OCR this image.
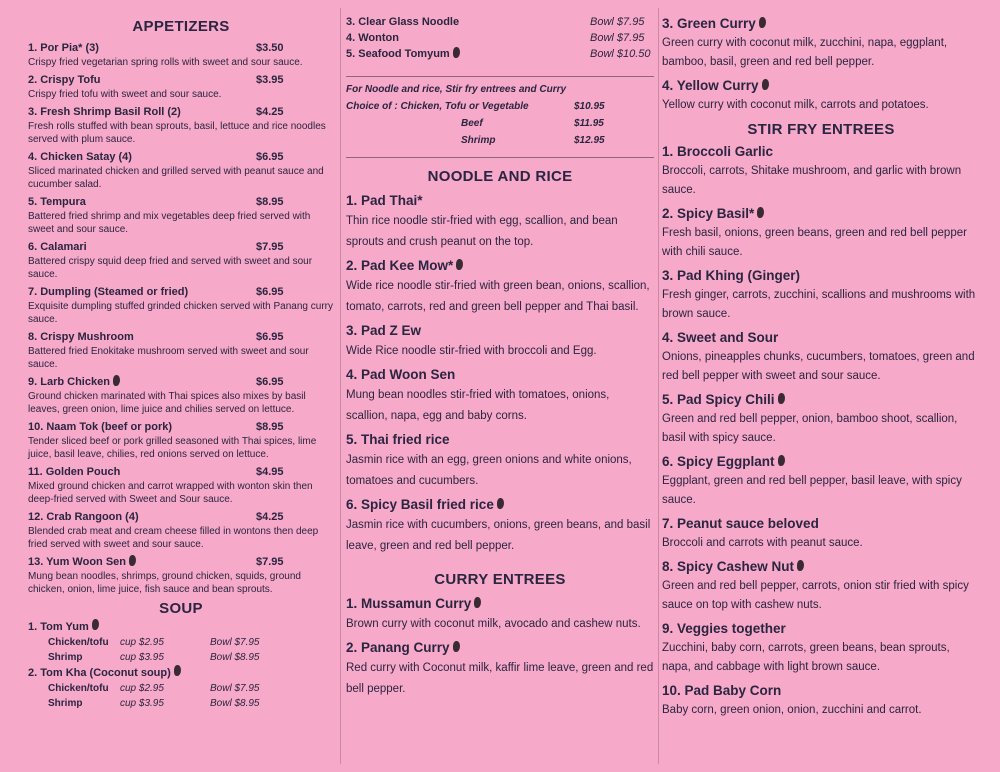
APPETIZERS
1. Por Pia* (3)	$3.50
Crispy fried vegetarian spring rolls with sweet and sour sauce.
2. Crispy Tofu	$3.95
Crispy fried tofu with sweet and sour sauce.
3. Fresh Shrimp Basil Roll (2)	$4.25
Fresh rolls stuffed with bean sprouts, basil, lettuce and rice noodles served with plum sauce.
4. Chicken Satay (4)	$6.95
Sliced marinated chicken and grilled served with peanut sauce and cucumber salad.
5. Tempura	$8.95
Battered fried shrimp and mix vegetables deep fried served with sweet and sour sauce.
6. Calamari	$7.95
Battered crispy squid deep fried and served with sweet and sour sauce.
7. Dumpling (Steamed or fried)	$6.95
Exquisite dumpling stuffed grinded chicken served with Panang curry sauce.
8. Crispy Mushroom	$6.95
Battered fried Enokitake mushroom served with sweet and sour sauce.
9. Larb Chicken	$6.95
Ground chicken marinated with Thai spices also mixes by basil leaves, green onion, lime juice and chilies served on lettuce.
10. Naam Tok (beef or pork)	$8.95
Tender sliced beef or pork grilled seasoned with Thai spices, lime juice, basil leave, chilies, red onions served on lettuce.
11. Golden Pouch	$4.95
Mixed ground chicken and carrot wrapped with wonton skin then deep-fried served with Sweet and Sour sauce.
12. Crab Rangoon (4)	$4.25
Blended crab meat and cream cheese filled in wontons then deep fried served with sweet and sour sauce.
13. Yum Woon Sen	$7.95
Mung bean noodles, shrimps, ground chicken, squids, ground chicken, onion, lime juice, fish sauce and bean sprouts.
SOUP
1. Tom Yum
Chicken/tofu	cup $2.95	Bowl $7.95
Shrimp	cup $3.95	Bowl $8.95
2. Tom Kha (Coconut soup)
Chicken/tofu	cup $2.95	Bowl $7.95
Shrimp	cup $3.95	Bowl $8.95
3. Clear Glass Noodle	Bowl $7.95
4. Wonton	Bowl $7.95
5. Seafood Tomyum	Bowl $10.50
For Noodle and rice, Stir fry entrees and Curry
Choice of : Chicken, Tofu or Vegetable	$10.95
Beef	$11.95
Shrimp	$12.95
NOODLE AND RICE
1. Pad Thai*
Thin rice noodle stir-fried with egg, scallion, and bean sprouts and crush peanut on the top.
2. Pad Kee Mow*
Wide rice noodle stir-fried with green bean, onions, scallion, tomato, carrots, red and green bell pepper and Thai basil.
3. Pad Z Ew
Wide Rice noodle stir-fried with broccoli and Egg.
4. Pad Woon Sen
Mung bean noodles stir-fried with tomatoes, onions, scallion, napa, egg and baby corns.
5. Thai fried rice
Jasmin rice with an egg, green onions and white onions, tomatoes and cucumbers.
6. Spicy Basil fried rice
Jasmin rice with cucumbers, onions, green beans, and basil leave, green and red bell pepper.
CURRY ENTREES
1. Mussamun Curry
Brown curry with coconut milk, avocado and cashew nuts.
2. Panang Curry
Red curry with Coconut milk, kaffir lime leave, green and red bell pepper.
3. Green Curry
Green curry with coconut milk, zucchini, napa, eggplant, bamboo, basil, green and red bell pepper.
4. Yellow Curry
Yellow curry with coconut milk, carrots and potatoes.
STIR FRY ENTREES
1. Broccoli Garlic
Broccoli, carrots, Shitake mushroom, and garlic with brown sauce.
2. Spicy Basil*
Fresh basil, onions, green beans, green and red bell pepper with chili sauce.
3. Pad Khing (Ginger)
Fresh ginger, carrots, zucchini, scallions and mushrooms with brown sauce.
4. Sweet and Sour
Onions, pineapples chunks, cucumbers, tomatoes, green and red bell pepper with sweet and sour sauce.
5. Pad Spicy Chili
Green and red bell pepper, onion, bamboo shoot, scallion, basil with spicy sauce.
6. Spicy Eggplant
Eggplant, green and red bell pepper, basil leave, with spicy sauce.
7. Peanut sauce beloved
Broccoli and carrots with peanut sauce.
8. Spicy Cashew Nut
Green and red bell pepper, carrots, onion stir fried with spicy sauce on top with cashew nuts.
9. Veggies together
Zucchini, baby corn, carrots, green beans, bean sprouts, napa, and cabbage with light brown sauce.
10. Pad Baby Corn
Baby corn, green onion, onion, zucchini and carrot.
